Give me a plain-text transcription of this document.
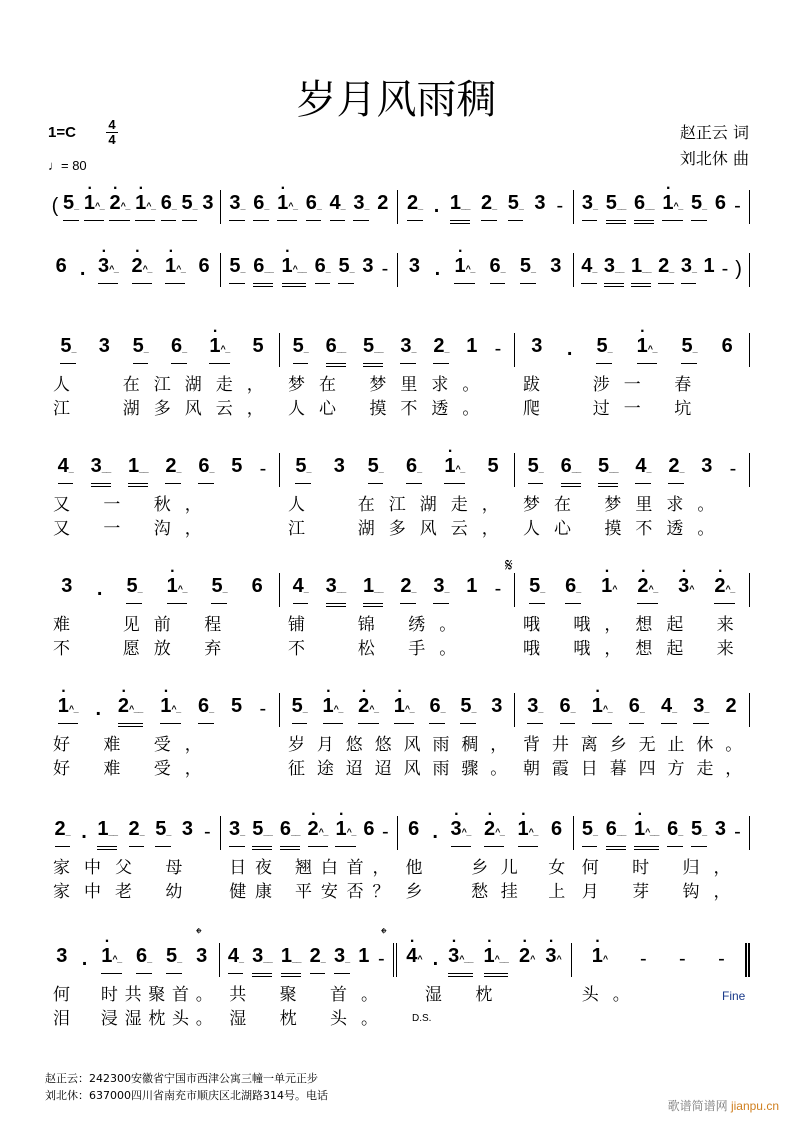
岁月风雨稠
1=C 4
4
♩= 80
赵正云 词
刘北休 曲
( 5_ · 1^_ · 2^_ · 1^_ 6_ 5_ 3 3_ 6_ · 1^_ 6_ 4_ 3_ 2 2_ . 1__ 2_ 5_ 3 - 3_ 5__ 6__ · 1^_ 5_ 6 -
6 . · 3^_ · 2^_ · 1^_ 6 5_ 6__ · 1^__ 6_ 5_ 3 - 3 . · 1^_ 6_ 5_ 3 4_ 3__ 1__ 2_ 3_ 1 - )
5_	3	5_	6_	· 1^_	5	5_ 6__ 5__ 3_ 2_ 1 -	3 .	5_	· 1^_	5_	6
人  在江湖走， 梦在 梦里求。	跋  涉一 春
江  湖多风云， 人心 摸不透。	爬  过一 坑
4_ 3__ 1__ 2_ 6_ 5 -	5_	3	5_	6_	· 1^_	5	5_ 6__ 5__ 4_ 2_ 3 -
又 一 秋，	人  在江湖走， 梦在 梦里求。
又 一 沟，	江  湖多风云， 人心 摸不透。
3 .	5_	· 1^_	5_	6	4_ 3__ 1__ 2_ 3_ 1 -	5_ 6_ · 1^ · 2^_ · 3^ · 2^_
难  见前 程	铺  锦 绣。	哦 哦，想起 来
不  愿放 弃	不  松 手。	哦 哦，想起 来
· 1^_ . · 2^__ · 1^_ 6_ 5 -	5_ · 1^_ · 2^_ · 1^_ 6_ 5_ 3	3_ 6_ · 1^_ 6_ 4_ 3_ 2
好 难 受，	岁月悠悠风雨稠， 背井离乡无止休。
好 难 受，	征途迢迢风雨骤。 朝霞日暮四方走，
2_ . 1__ 2_ 5_ 3 - 3_ 5__ 6__ · 2^_ · 1^_ 6 - 6 . · 3^_ · 2^_ · 1^_ 6 5_ 6__ · 1^__ 6_ 5_ 3 -
家中父 母	日夜 翘白首， 他  乡儿 女 何 时 归，
家中老 幼	健康 平安否？ 乡  愁挂 上 月 芽 钩，
3 . · 1^_ 6_ 5_ 3 4_ 3__ 1__ 2_ 3_ 1 - · 4^ . · 3^__ · 1^__ · 2^ · 3^	· 1^ - - -
何  时共聚首。 共 聚 首。 湿 枕	头。
泪  浸湿枕头。 湿 枕 头。

𝄋
𝄌	𝄌
Fine
D.S.
赵正云：242300安徽省宁国市西津公寓三幢一单元正步
刘北休：637000四川省南充市顺庆区北湖路314号。电话
歌谱简谱网 jianpu.cn
